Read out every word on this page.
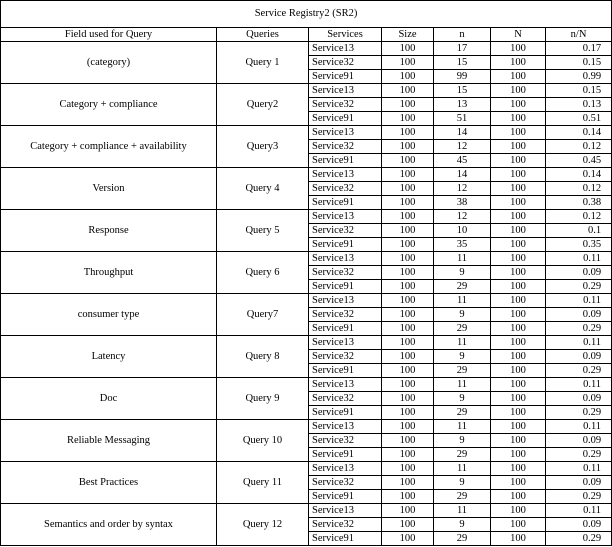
Service Registry2 (SR2)						
Field used for Query	Queries	Services	Size	n	N	n/N
(category)	Query 1	Service13	100	17	100	0.17
		Service32	100	15	100	0.15
		Service91	100	99	100	0.99
Category + compliance	Query2	Service13	100	15	100	0.15
		Service32	100	13	100	0.13
		Service91	100	51	100	0.51
Category + compliance + availability	Query3	Service13	100	14	100	0.14
		Service32	100	12	100	0.12
		Service91	100	45	100	0.45
Version	Query 4	Service13	100	14	100	0.14
		Service32	100	12	100	0.12
		Service91	100	38	100	0.38
Response	Query 5	Service13	100	12	100	0.12
		Service32	100	10	100	0.1
		Service91	100	35	100	0.35
Throughput	Query 6	Service13	100	11	100	0.11
		Service32	100	9	100	0.09
		Service91	100	29	100	0.29
consumer type	Query7	Service13	100	11	100	0.11
		Service32	100	9	100	0.09
		Service91	100	29	100	0.29
Latency	Query 8	Service13	100	11	100	0.11
		Service32	100	9	100	0.09
		Service91	100	29	100	0.29
Doc	Query 9	Service13	100	11	100	0.11
		Service32	100	9	100	0.09
		Service91	100	29	100	0.29
Reliable Messaging	Query 10	Service13	100	11	100	0.11
		Service32	100	9	100	0.09
		Service91	100	29	100	0.29
Best Practices	Query 11	Service13	100	11	100	0.11
		Service32	100	9	100	0.09
		Service91	100	29	100	0.29
Semantics and order by syntax	Query 12	Service13	100	11	100	0.11
		Service32	100	9	100	0.09
		Service91	100	29	100	0.29
